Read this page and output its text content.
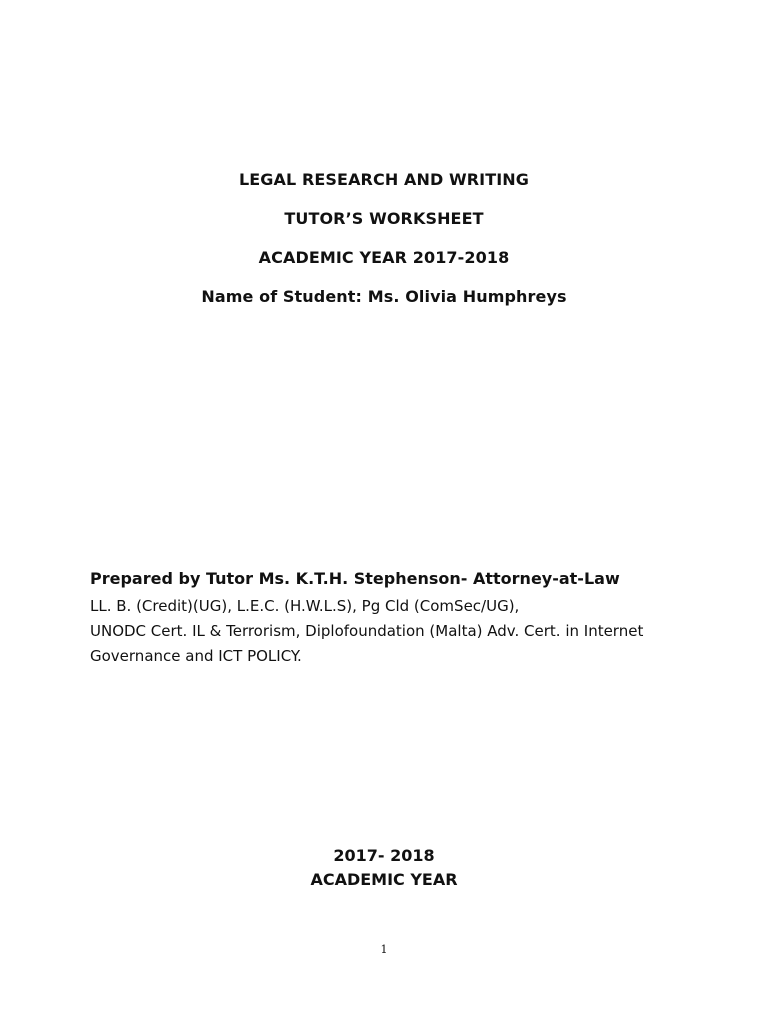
LEGAL RESEARCH AND WRITING

TUTOR’S WORKSHEET

ACADEMIC YEAR 2017-2018

Name of Student: Ms. Olivia Humphreys

Prepared by Tutor Ms. K.T.H. Stephenson- Attorney-at-Law

LL. B. (Credit)(UG), L.E.C. (H.W.L.S), Pg Cld (ComSec/UG),

UNODC Cert. IL & Terrorism, Diplofoundation (Malta) Adv. Cert. in Internet

Governance and ICT POLICY.

2017- 2018

ACADEMIC YEAR

1
